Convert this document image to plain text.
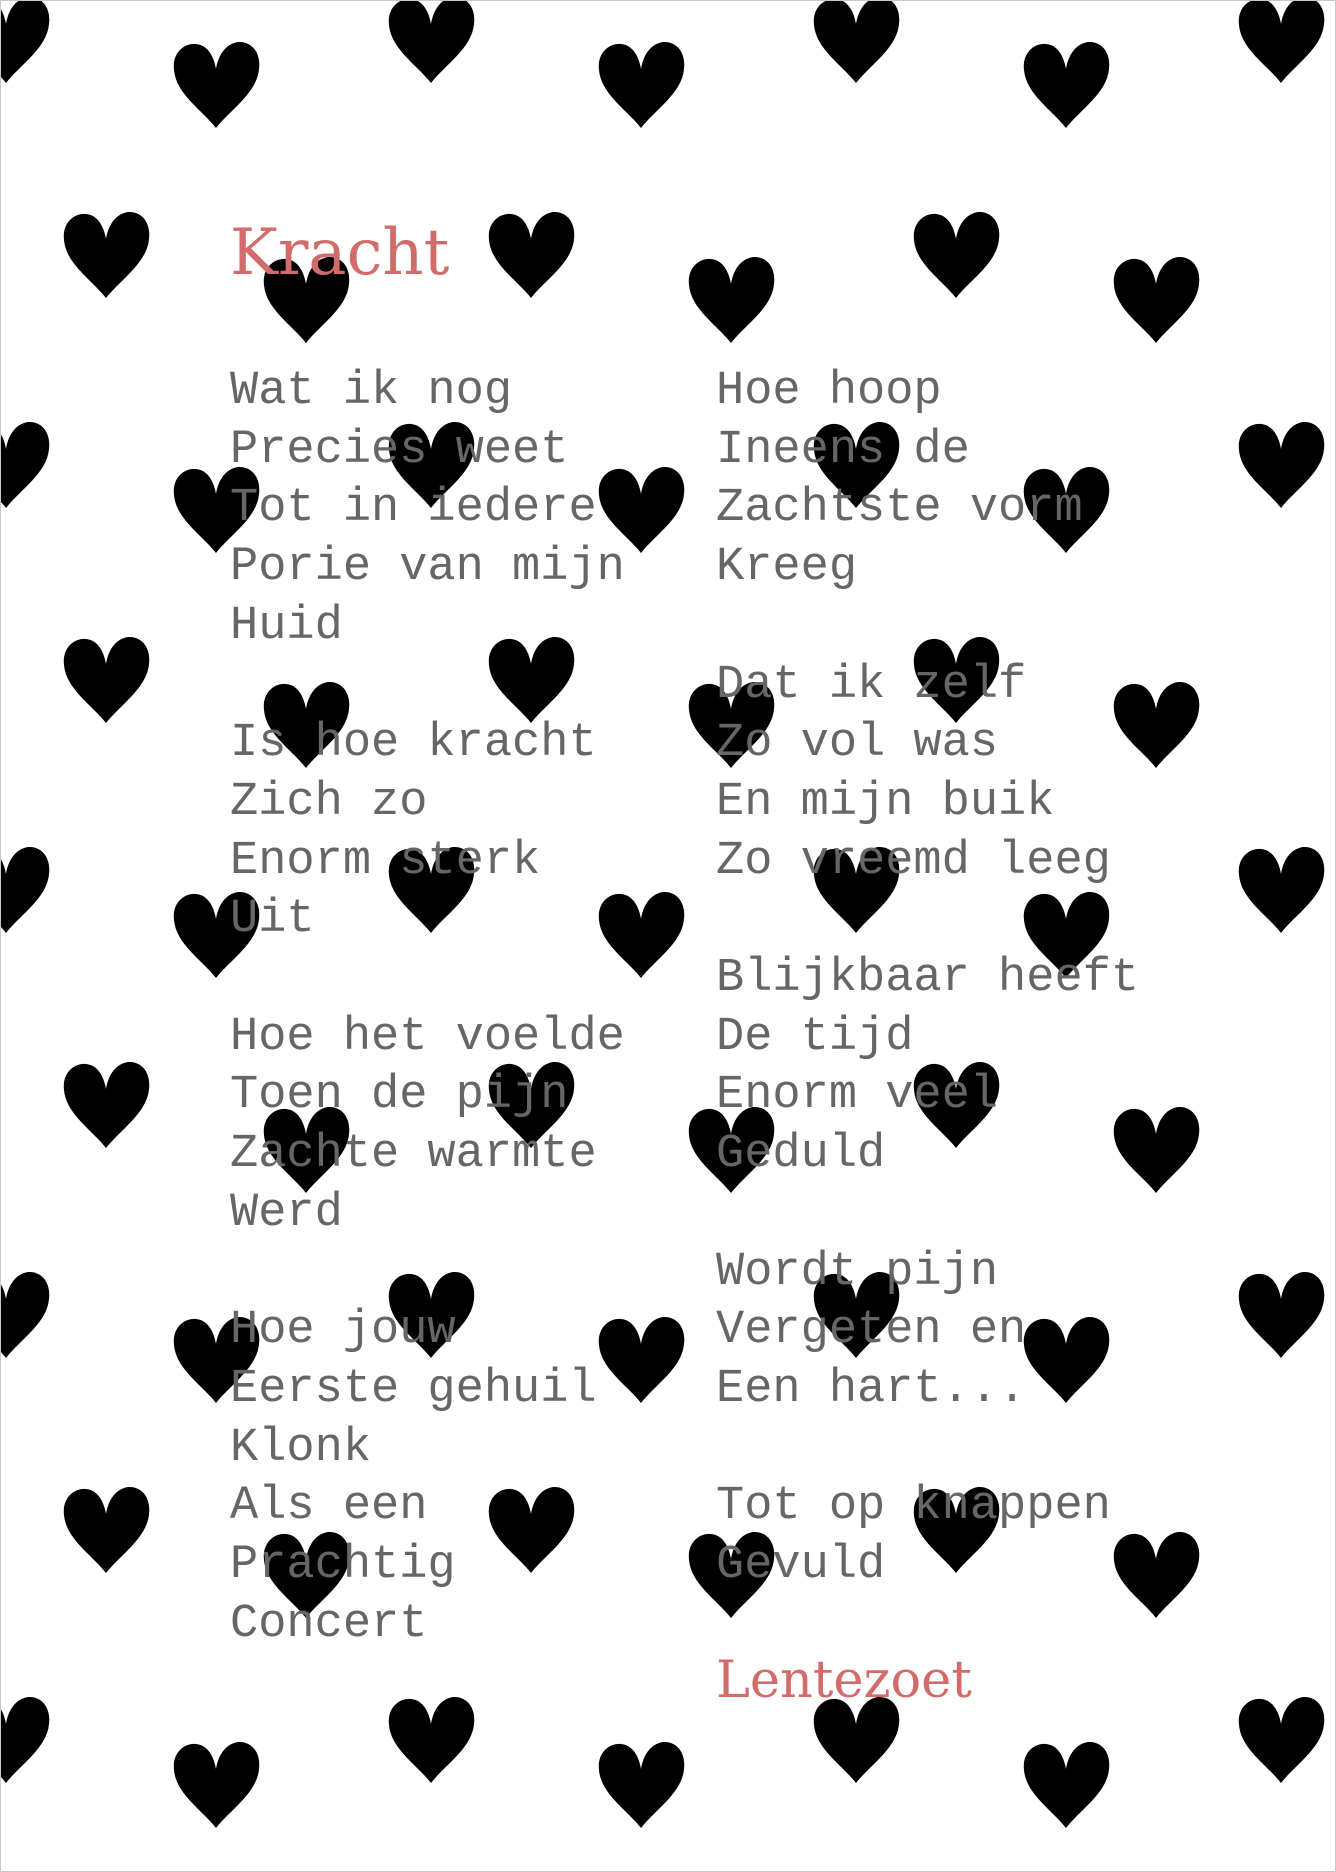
Kracht
Wat ik nog
Precies weet
Tot in iedere
Porie van mijn
Huid
Is hoe kracht
Zich zo
Enorm sterk
Uit
Hoe het voelde
Toen de pijn
Zachte warmte
Werd
Hoe jouw
Eerste gehuil
Klonk
Als een
Prachtig
Concert
Hoe hoop
Ineens de
Zachtste vorm
Kreeg
Dat ik zelf
Zo vol was
En mijn buik
Zo vreemd leeg
Blijkbaar heeft
De tijd
Enorm veel
Geduld
Wordt pijn
Vergeten en
Een hart...
Tot op knappen
Gevuld
Lentezoet
